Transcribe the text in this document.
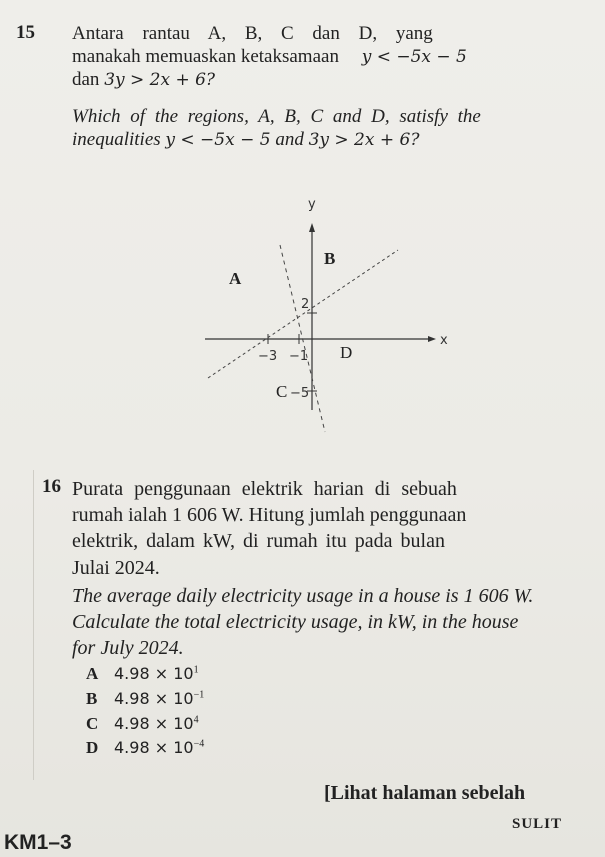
15 Antara rantau A, B, C dan D, yang
manakah memuaskan ketaksamaan y < −5x − 5
dan 3y > 2x + 6?
Which of the regions, A, B, C and D, satisfy the
inequalities y < −5x − 5 and 3y > 2x + 6?
y
x
A
B
C
D
2
−3 −1
−5
16 Purata penggunaan elektrik harian di sebuah
rumah ialah 1 606 W. Hitung jumlah penggunaan
elektrik, dalam kW, di rumah itu pada bulan
Julai 2024.
The average daily electricity usage in a house is 1 606 W.
Calculate the total electricity usage, in kW, in the house
for July 2024.
A $4.98 \times 10^1$
B $4.98 \times 10^{-1}$
C $4.98 \times 10^4$
D $4.98 \times 10^{-4}$
[Lihat halaman sebelah
SULIT
KM1–3
